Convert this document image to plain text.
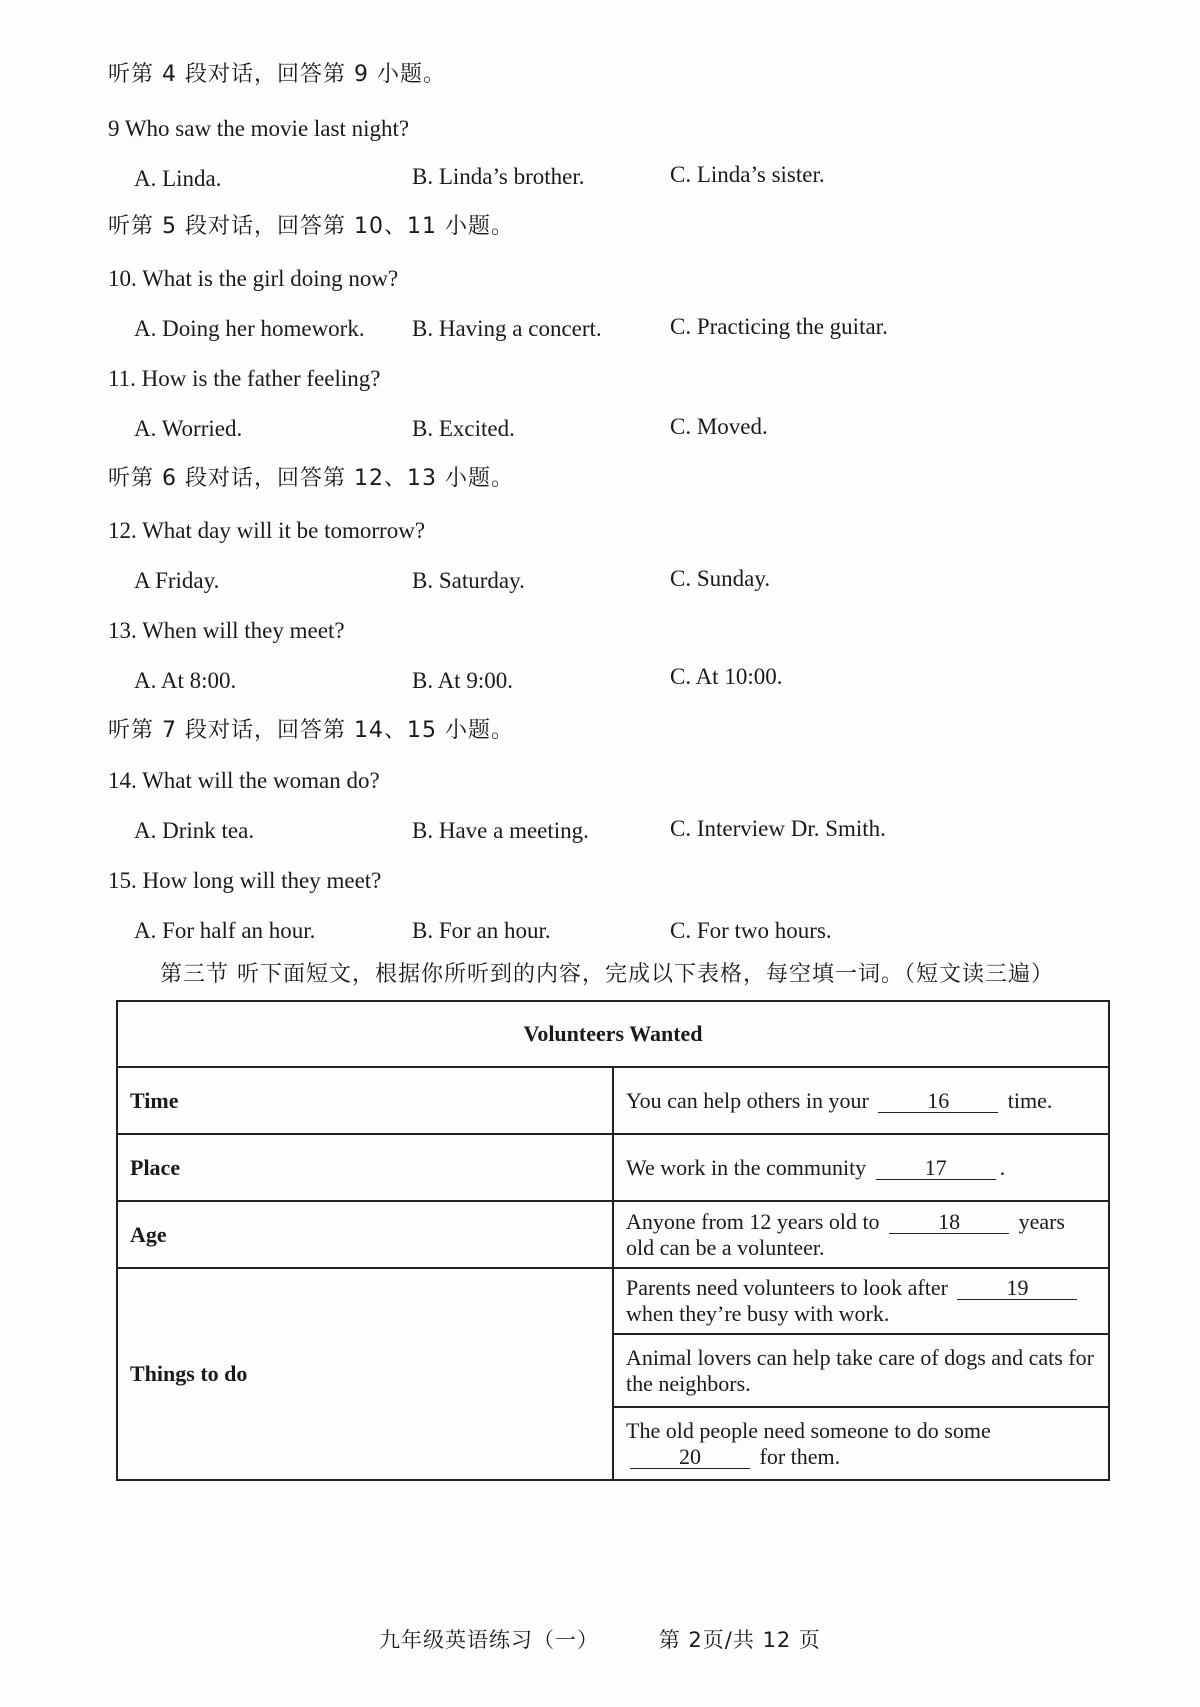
听第 4 段对话，回答第 9 小题。
9 Who saw the movie last night?
A. Linda.	B. Linda’s brother.	C. Linda’s sister.
听第 5 段对话，回答第 10、11 小题。
10. What is the girl doing now?
A. Doing her homework. B. Having a concert.	C. Practicing the guitar.
11. How is the father feeling?
A. Worried.	B. Excited.	C. Moved.
听第 6 段对话，回答第 12、13 小题。
12. What day will it be tomorrow?
A Friday.	B. Saturday.	C. Sunday.
13. When will they meet?
A. At 8:00.	B. At 9:00.	C. At 10:00.
听第 7 段对话，回答第 14、15 小题。
14. What will the woman do?
A. Drink tea.	B. Have a meeting.	C. Interview Dr. Smith.
15. How long will they meet?
A. For half an hour.	B. For an hour.	C. For two hours.
第三节 听下面短文，根据你所听到的内容，完成以下表格，每空填一词。（短文读三遍）
Volunteers Wanted	
Time	You can help others in your 16 time.
Place	We work in the community 17 .
Age	Anyone from 12 years old to 18 years old can be a volunteer.
Things to do	Parents need volunteers to look after 19 when they’re busy with work.
	Animal lovers can help take care of dogs and cats for the neighbors.
	The old people need someone to do some 20 for them.
九年级英语练习（一）	第 2页/共 12 页
